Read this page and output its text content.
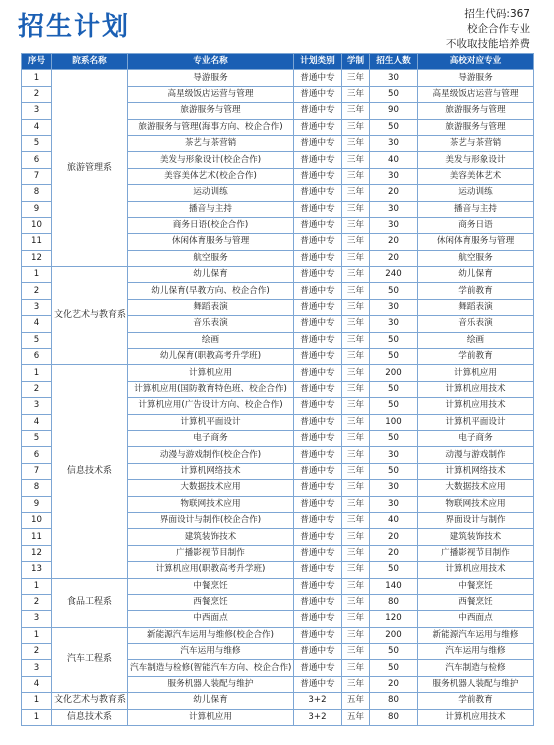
招生计划	招生代码:367
校企合作专业
不收取技能培养费
序号	院系名称	专业名称	计划类别	学制	招生人数	高校对应专业
1	旅游管理系	导游服务	普通中专	三年	30	导游服务
2		高星级饭店运营与管理	普通中专	三年	50	高星级饭店运营与管理
3		旅游服务与管理	普通中专	三年	90	旅游服务与管理
4		旅游服务与管理(海事方向、校企合作)	普通中专	三年	50	旅游服务与管理
5		茶艺与茶营销	普通中专	三年	30	茶艺与茶营销
6		美发与形象设计(校企合作)	普通中专	三年	40	美发与形象设计
7		美容美体艺术(校企合作)	普通中专	三年	30	美容美体艺术
8		运动训练	普通中专	三年	20	运动训练
9		播音与主持	普通中专	三年	30	播音与主持
10		商务日语(校企合作)	普通中专	三年	30	商务日语
11		休闲体育服务与管理	普通中专	三年	20	休闲体育服务与管理
12		航空服务	普通中专	三年	20	航空服务
1	文化艺术与教育系	幼儿保育	普通中专	三年	240	幼儿保育
2		幼儿保育(早教方向、校企合作)	普通中专	三年	50	学前教育
3		舞蹈表演	普通中专	三年	30	舞蹈表演
4		音乐表演	普通中专	三年	30	音乐表演
5		绘画	普通中专	三年	50	绘画
6		幼儿保育(职教高考升学班)	普通中专	三年	50	学前教育
1	信息技术系	计算机应用	普通中专	三年	200	计算机应用
2		计算机应用(国防教育特色班、校企合作)	普通中专	三年	50	计算机应用技术
3		计算机应用(广告设计方向、校企合作)	普通中专	三年	50	计算机应用技术
4		计算机平面设计	普通中专	三年	100	计算机平面设计
5		电子商务	普通中专	三年	50	电子商务
6		动漫与游戏制作(校企合作)	普通中专	三年	30	动漫与游戏制作
7		计算机网络技术	普通中专	三年	50	计算机网络技术
8		大数据技术应用	普通中专	三年	30	大数据技术应用
9		物联网技术应用	普通中专	三年	30	物联网技术应用
10		界面设计与制作(校企合作)	普通中专	三年	40	界面设计与制作
11		建筑装饰技术	普通中专	三年	20	建筑装饰技术
12		广播影视节目制作	普通中专	三年	20	广播影视节目制作
13		计算机应用(职教高考升学班)	普通中专	三年	50	计算机应用技术
1	食品工程系	中餐烹饪	普通中专	三年	140	中餐烹饪
2		西餐烹饪	普通中专	三年	80	西餐烹饪
3		中西面点	普通中专	三年	120	中西面点
1	汽车工程系	新能源汽车运用与维修(校企合作)	普通中专	三年	200	新能源汽车运用与维修
2		汽车运用与维修	普通中专	三年	50	汽车运用与维修
3		汽车制造与检修(智能汽车方向、校企合作)	普通中专	三年	50	汽车制造与检修
4		服务机器人装配与维护	普通中专	三年	20	服务机器人装配与维护
1	文化艺术与教育系	幼儿保育	3+2	五年	80	学前教育
1	信息技术系	计算机应用	3+2	五年	80	计算机应用技术
